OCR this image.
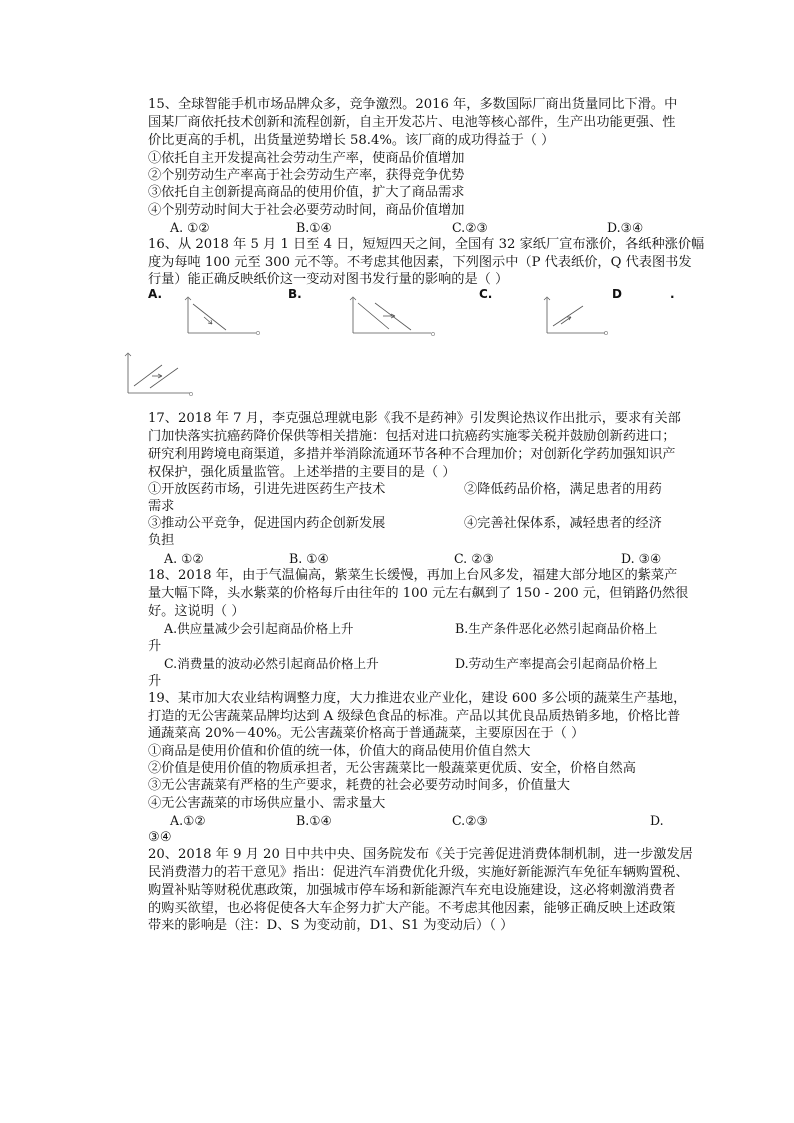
15、全球智能手机市场品牌众多，竞争激烈。2016 年，多数国际厂商出货量同比下滑。中
国某厂商依托技术创新和流程创新，自主开发芯片、电池等核心部件，生产出功能更强、性
价比更高的手机，出货量逆势增长 58.4%。该厂商的成功得益于（ ）
①依托自主开发提高社会劳动生产率，使商品价值增加
②个别劳动生产率高于社会劳动生产率，获得竞争优势
③依托自主创新提高商品的使用价值，扩大了商品需求
④个别劳动时间大于社会必要劳动时间，商品价值增加
A. ①②	B.①④	C.②③	D.③④
16、从 2018 年 5 月 1 日至 4 日，短短四天之间，全国有 32 家纸厂宣布涨价，各纸种涨价幅
度为每吨 100 元至 300 元不等。不考虑其他因素，下列图示中（P 代表纸价，Q 代表图书发
行量）能正确反映纸价这一变动对图书发行量的影响的是（ ）
A.	B.	C.	D	.
17、2018 年 7 月，李克强总理就电影《我不是药神》引发舆论热议作出批示，要求有关部
门加快落实抗癌药降价保供等相关措施：包括对进口抗癌药实施零关税并鼓励创新药进口；
研究利用跨境电商渠道，多措并举消除流通环节各种不合理加价；对创新化学药加强知识产
权保护，强化质量监管。上述举措的主要目的是（ ）
①开放医药市场，引进先进医药生产技术	②降低药品价格，满足患者的用药
需求
③推动公平竞争，促进国内药企创新发展	④完善社保体系，减轻患者的经济
负担
A. ①②	B. ①④	C. ②③	D. ③④
18、2018 年，由于气温偏高，紫菜生长缓慢，再加上台风多发，福建大部分地区的紫菜产
量大幅下降，头水紫菜的价格每斤由往年的 100 元左右飙到了 150 - 200 元，但销路仍然很
好。这说明（ ）
A.供应量减少会引起商品价格上升	B.生产条件恶化必然引起商品价格上
升
C.消费量的波动必然引起商品价格上升	D.劳动生产率提高会引起商品价格上
升
19、某市加大农业结构调整力度，大力推进农业产业化，建设 600 多公顷的蔬菜生产基地，
打造的无公害蔬菜品牌均达到 A 级绿色食品的标准。产品以其优良品质热销多地，价格比普
通蔬菜高 20%－40%。无公害蔬菜价格高于普通蔬菜，主要原因在于（ ）
①商品是使用价值和价值的统一体，价值大的商品使用价值自然大
②价值是使用价值的物质承担者，无公害蔬菜比一般蔬菜更优质、安全，价格自然高
③无公害蔬菜有严格的生产要求，耗费的社会必要劳动时间多，价值量大
④无公害蔬菜的市场供应量小、需求量大
A.①②	B.①④	C.②③	D.
③④
20、2018 年 9 月 20 日中共中央、国务院发布《关于完善促进消费体制机制，进一步激发居
民消费潜力的若干意见》指出：促进汽车消费优化升级，实施好新能源汽车免征车辆购置税、
购置补贴等财税优惠政策，加强城市停车场和新能源汽车充电设施建设，这必将刺激消费者
的购买欲望，也必将促使各大车企努力扩大产能。不考虑其他因素，能够正确反映上述政策
带来的影响是（注：D、S 为变动前，D1、S1 为变动后）（ ）
